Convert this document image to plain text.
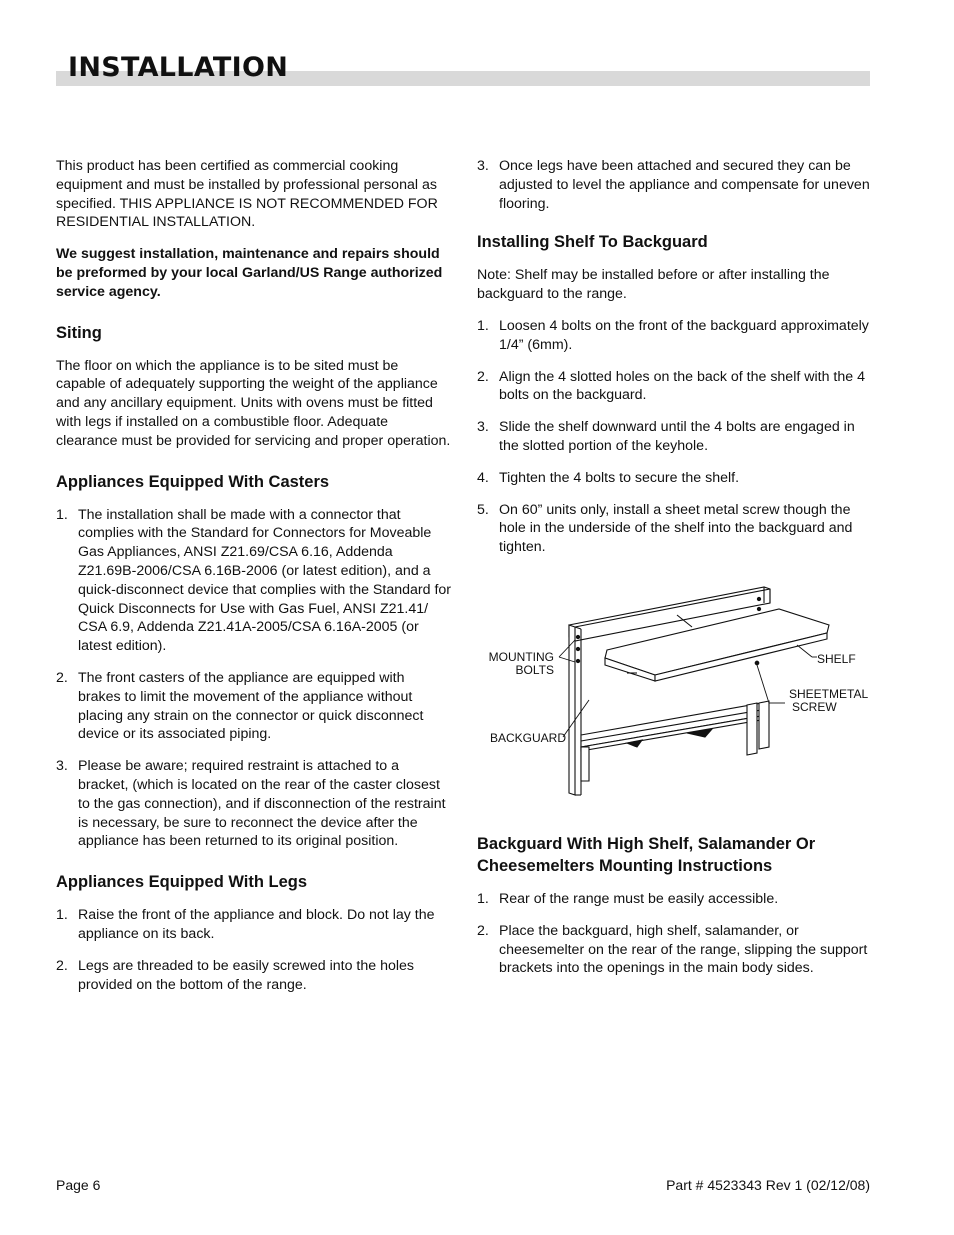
INSTALLATION

This product has been certified as commercial cooking equipment and must be installed by professional personal as specified. THIS APPLIANCE IS NOT RECOMMENDED FOR RESIDENTIAL INSTALLATION.

We suggest installation, maintenance and repairs should be preformed by your local Garland/US Range authorized service agency.

Siting

The floor on which the appliance is to be sited must be capable of adequately supporting the weight of the appliance and any ancillary equipment. Units with ovens must be fitted with legs if installed on a combustible floor. Adequate clearance must be provided for servicing and proper operation.

Appliances Equipped With Casters
1. The installation shall be made with a connector that complies with the Standard for Connectors for Moveable Gas Appliances, ANSI Z21.69/CSA 6.16, Addenda Z21.69B-2006/CSA 6.16B-2006 (or latest edition), and a quick-disconnect device that complies with the Standard for Quick Disconnects for Use with Gas Fuel, ANSI Z21.41/ CSA 6.9, Addenda Z21.41A-2005/CSA 6.16A-2005 (or latest edition).
2. The front casters of the appliance are equipped with brakes to limit the movement of the appliance without placing any strain on the connector or quick disconnect device or its associated piping.
3. Please be aware; required restraint is attached to a bracket, (which is located on the rear of the caster closest to the gas connection), and if disconnection of the restraint is necessary, be sure to reconnect the device after the appliance has been returned to its original position.
Appliances Equipped With Legs
1. Raise the front of the appliance and block. Do not lay the appliance on its back.
2. Legs are threaded to be easily screwed into the holes provided on the bottom of the range.
3. Once legs have been attached and secured they can be adjusted to level the appliance and compensate for uneven flooring.
Installing Shelf To Backguard

Note: Shelf may be installed before or after installing the backguard to the range.

1. Loosen 4 bolts on the front of the backguard approximately 1/4” (6mm).
2. Align the 4 slotted holes on the back of the shelf with the 4 bolts on the backguard.
3. Slide the shelf downward until the 4 bolts are engaged in the slotted portion of the keyhole.
4. Tighten the 4 bolts to secure the shelf.
5. On 60” units only, install a sheet metal screw though the hole in the underside of the shelf into the backguard and tighten.
Backguard With High Shelf, Salamander Or
Cheesemelters Mounting Instructions
1. Rear of the range must be easily accessible.
2. Place the backguard, high shelf, salamander, or cheesemelter on the rear of the range, slipping the support brackets into the openings in the main body sides.
MOUNTING
BOLTS
SHELF
SHEETMETAL
SCREW
BACKGUARD
Page 6	Part # 4523343 Rev 1 (02/12/08)
